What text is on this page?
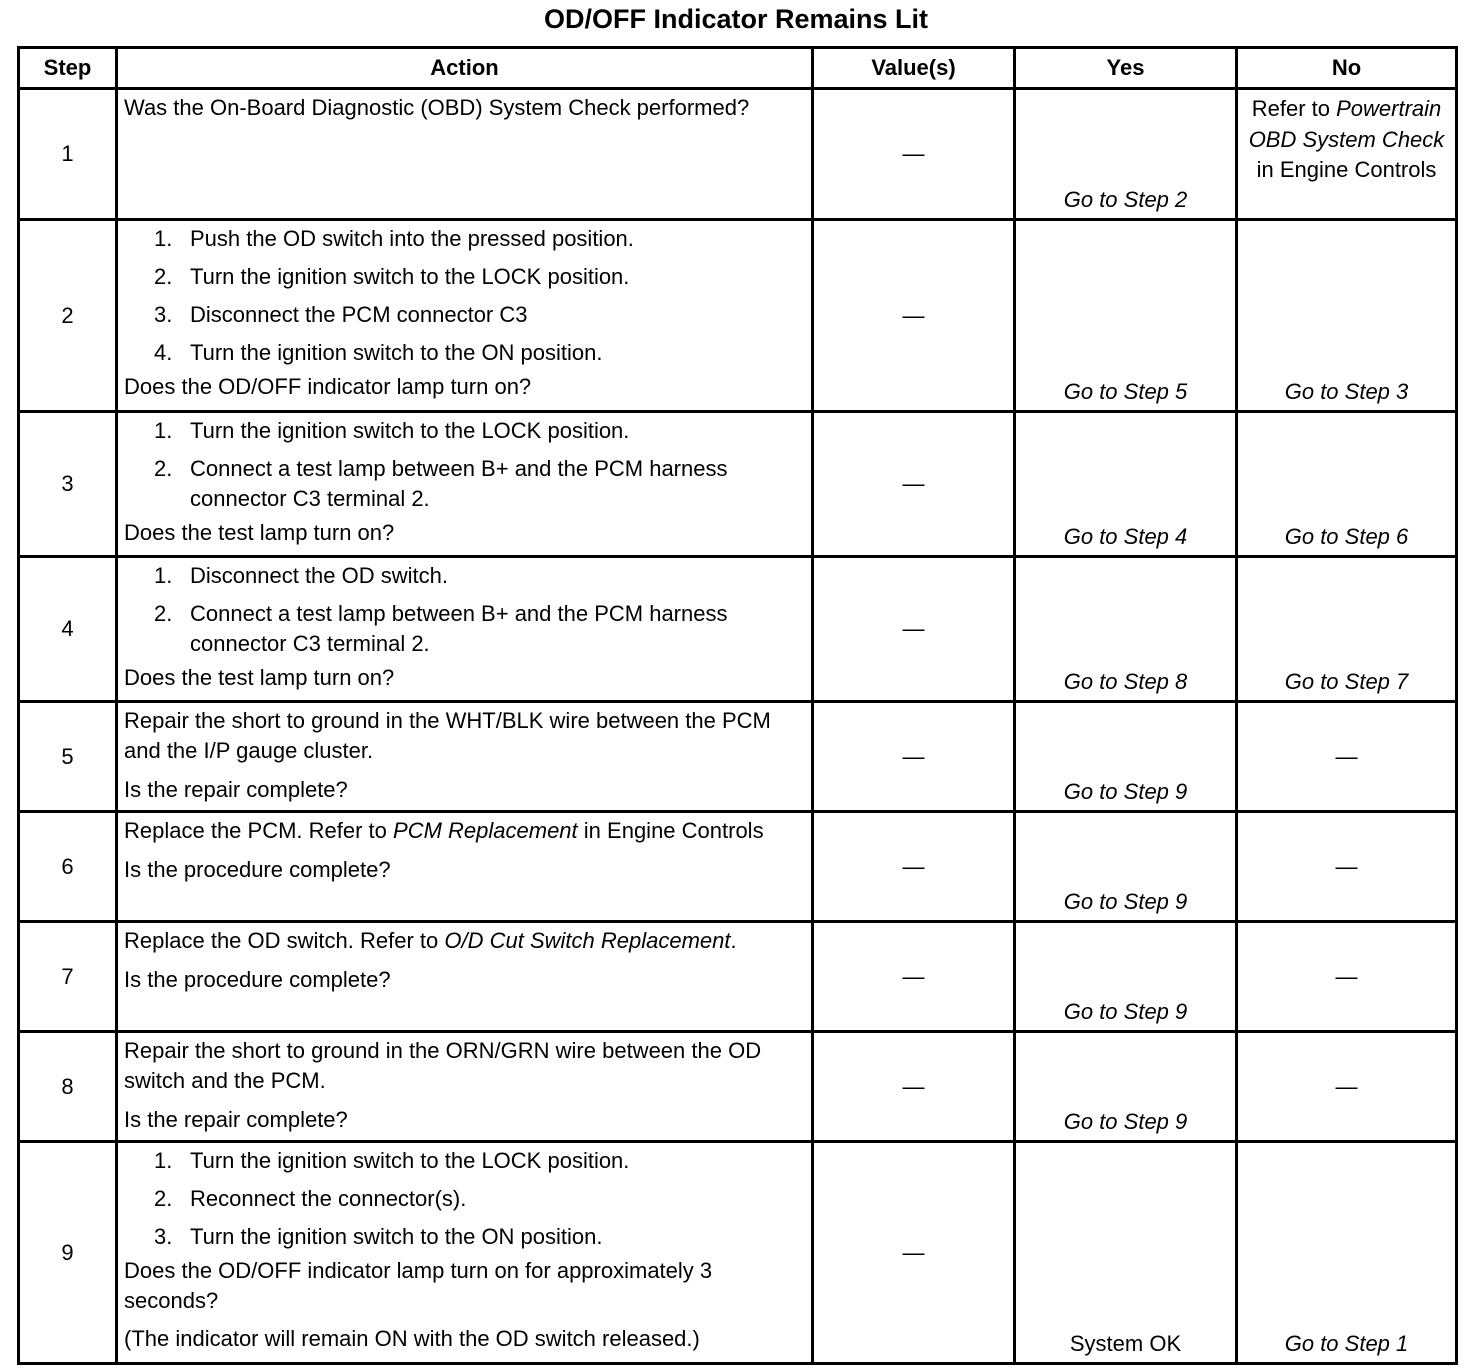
OD/OFF Indicator Remains Lit
Step	Action	Value(s)	Yes	No
1	Was the On-Board Diagnostic (OBD) System Check performed?	—	Go to Step 2	Refer to Powertrain OBD System Check in Engine Controls
2	1. Push the OD switch into the pressed position.
2. Turn the ignition switch to the LOCK position.
3. Disconnect the PCM connector C3
4. Turn the ignition switch to the ON position.

Does the OD/OFF indicator lamp turn on?	—	Go to Step 5	Go to Step 3
3	1. Turn the ignition switch to the LOCK position.
2. Connect a test lamp between B+ and the PCM harness connector C3 terminal 2.

Does the test lamp turn on?	—	Go to Step 4	Go to Step 6
4	1. Disconnect the OD switch.
2. Connect a test lamp between B+ and the PCM harness connector C3 terminal 2.

Does the test lamp turn on?	—	Go to Step 8	Go to Step 7
5	Repair the short to ground in the WHT/BLK wire between the PCM and the I/P gauge cluster.

Is the repair complete?	—	Go to Step 9	—
6	Replace the PCM. Refer to PCM Replacement in Engine Controls

Is the procedure complete?	—	Go to Step 9	—
7	Replace the OD switch. Refer to O/D Cut Switch Replacement.

Is the procedure complete?	—	Go to Step 9	—
8	Repair the short to ground in the ORN/GRN wire between the OD switch and the PCM.

Is the repair complete?	—	Go to Step 9	—
9	1. Turn the ignition switch to the LOCK position.
2. Reconnect the connector(s).
3. Turn the ignition switch to the ON position.

Does the OD/OFF indicator lamp turn on for approximately 3 seconds?

(The indicator will remain ON with the OD switch released.)	—	System OK	Go to Step 1
